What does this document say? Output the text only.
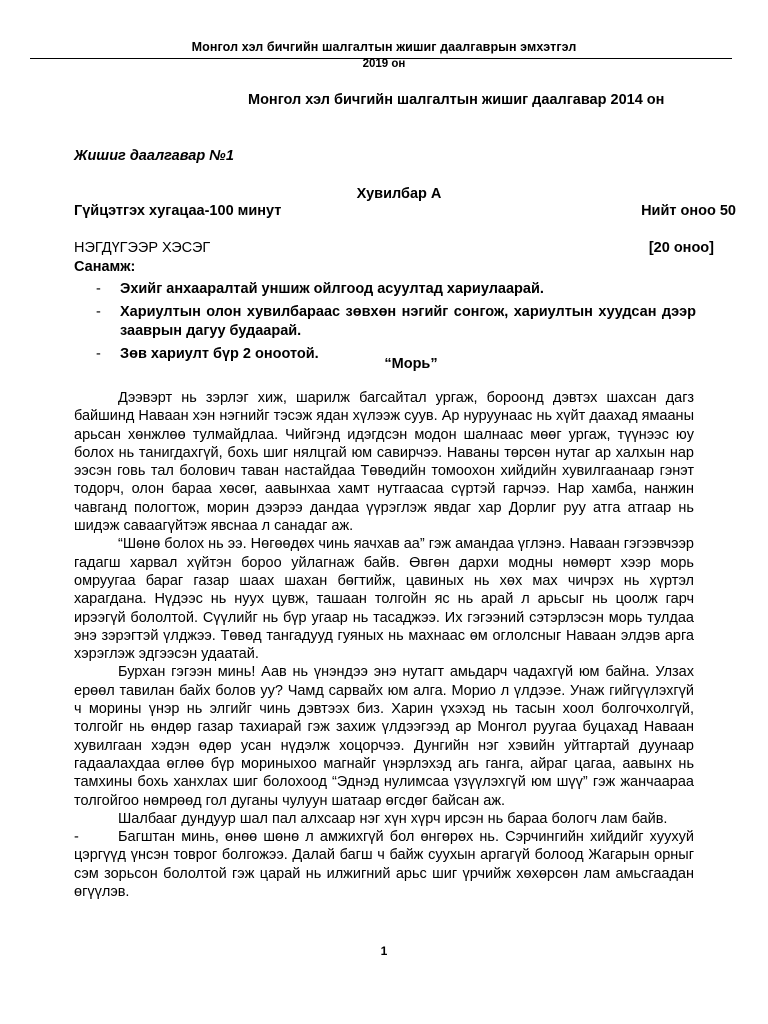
Монгол хэл бичгийн шалгалтын жишиг даалгаврын эмхэтгэл
2019 он
Монгол хэл бичгийн шалгалтын жишиг даалгавар 2014 он
Жишиг даалгавар №1
Хувилбар А
Гүйцэтгэх хугацаа-100 минут	Нийт оноо 50
НЭГДҮГЭЭР ХЭСЭГ	[20 оноо]
Санамж:
-	Эхийг анхааралтай уншиж ойлгоод асуултад хариулаарай.
-	Хариултын олон хувилбараас зөвхөн нэгийг сонгож, хариултын хуудсан дээр зааврын дагуу будаарай.
-	Зөв хариулт бүр 2 оноотой.
“Морь”

Дээвэрт нь зэрлэг хиж, шарилж багсайтал ургаж, бороонд дэвтэх шахсан дагз байшинд Наваан хэн нэгнийг тэсэж ядан хүлээж суув. Ар нуруунаас нь хүйт даахад ямааны арьсан хөнжлөө тулмайдлаа. Чийгэнд идэгдсэн модон шалнаас мөөг ургаж, түүнээс юу болох нь танигдахгүй, бохь шиг нялцгай юм савирчээ. Наваны төрсөн нутаг ар халхын нар ээсэн говь тал болович таван настайдаа Төвөдийн томоохон хийдийн хувилгаанаар гэнэт тодорч, олон бараа хөсөг, аавынхаа хамт нутгаасаа сүртэй гарчээ. Нар хамба, нанжин чавганд пологтож, морин дээрээ дандаа үүрэглэж явдаг хар Дорлиг руу атга атгаар нь шидэж саваагүйтэж явснаа л санадаг аж.

“Шөнө болох нь ээ. Нөгөөдөх чинь яачхав аа” гэж амандаа үглэнэ. Наваан гэгээвчээр гадагш харвал хүйтэн бороо уйлагнаж байв. Өвгөн дархи модны нөмөрт хээр морь омруугаа бараг газар шаах шахан бөгтийж, цавиных нь хөх мах чичрэх нь хүртэл харагдана. Нүдээс нь нуух цувж, ташаан толгойн яс нь арай л арьсыг нь цоолж гарч ирээгүй бололтой. Сүүлийг нь бүр угаар нь тасаджээ. Их гэгээний сэтэрлэсэн морь тулдаа энэ зэрэгтэй үлджээ. Төвөд тангадууд гуяных нь махнаас өм оглолсныг Наваан элдэв арга хэрэглэж эдгээсэн удаатай.

Бурхан гэгээн минь! Аав нь үнэндээ энэ нутагт амьдарч чадахгүй юм байна. Улзах ерөөл тавилан байх болов уу? Чамд сарвайх юм алга. Морио л үлдээе. Унаж гийгүүлэхгүй ч морины үнэр нь элгийг чинь дэвтээх биз. Харин үхэхэд нь тасын хоол болгочхолгүй, толгойг нь өндөр газар тахиарай гэж захиж үлдээгээд ар Монгол руугаа буцахад Наваан хувилгаан хэдэн өдөр усан нүдэлж хоцорчээ. Дунгийн нэг хэвийн уйтгартай дуунаар гадаалахдаа өглөө бүр мориныхоо магнайг үнэрлэхэд агь ганга, айраг цагаа, аавынх нь тамхины бохь ханхлах шиг болохоод “Эднэд нулимсаа үзүүлэхгүй юм шүү” гэж жанчаараа толгойгоо нөмрөөд гол дуганы чулуун шатаар өгсдөг байсан аж.

Шалбааг дундуур шал пал алхсаар нэг хүн хүрч ирсэн нь бараа бологч лам байв.

-	Багштан минь, өнөө шөнө л амжихгүй бол өнгөрөх нь. Сэрчингийн хийдийг хуухуй цэргүүд үнсэн товрог болгожээ. Далай багш ч байж суухын аргагүй болоод Жагарын орныг сэм зорьсон бололтой гэж царай нь илжигний арьс шиг үрчийж хөхөрсөн лам амьсгаадан өгүүлэв.

1
